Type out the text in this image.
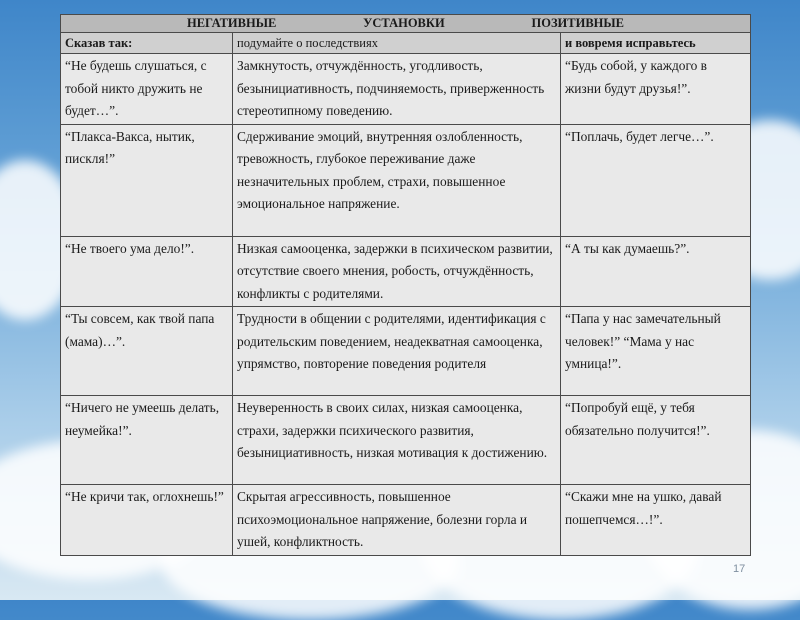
НЕГАТИВНЫЕ УСТАНОВКИ ПОЗИТИВНЫЕ		

Сказав так:	подумайте о последствиях	и вовремя исправьтесь
“Не будешь слушаться, с тобой никто дружить не будет…”.	Замкнутость, отчуждённость, угодливость, безынициативность, подчиняемость, приверженность стереотипному поведению.	“Будь собой, у каждого в жизни будут друзья!”.
“Плакса-Вакса, нытик, пискля!”	Сдерживание эмоций, внутренняя озлобленность, тревожность, глубокое переживание даже незначительных проблем, страхи, повышенное эмоциональное напряжение.	“Поплачь, будет легче…”.
“Не твоего ума дело!”.	Низкая самооценка, задержки в психическом развитии, отсутствие своего мнения, робость, отчуждённость, конфликты с родителями.	“А ты как думаешь?”.
“Ты совсем, как твой папа (мама)…”.	Трудности в общении с родителями, идентификация с родительским поведением, неадекватная самооценка, упрямство, повторение поведения родителя	“Папа у нас замечательный человек!” “Мама у нас умница!”.
“Ничего не умеешь делать, неумейка!”.	Неуверенность в своих силах, низкая самооценка, страхи, задержки психического развития, безынициативность, низкая мотивация к достижению.	“Попробуй ещё, у тебя обязательно получится!”.
“Не кричи так, оглохнешь!”	Скрытая агрессивность, повышенное психоэмоциональное напряжение, болезни горла и ушей, конфликтность.	“Скажи мне на ушко, давай пошепчемся…!”.
17
